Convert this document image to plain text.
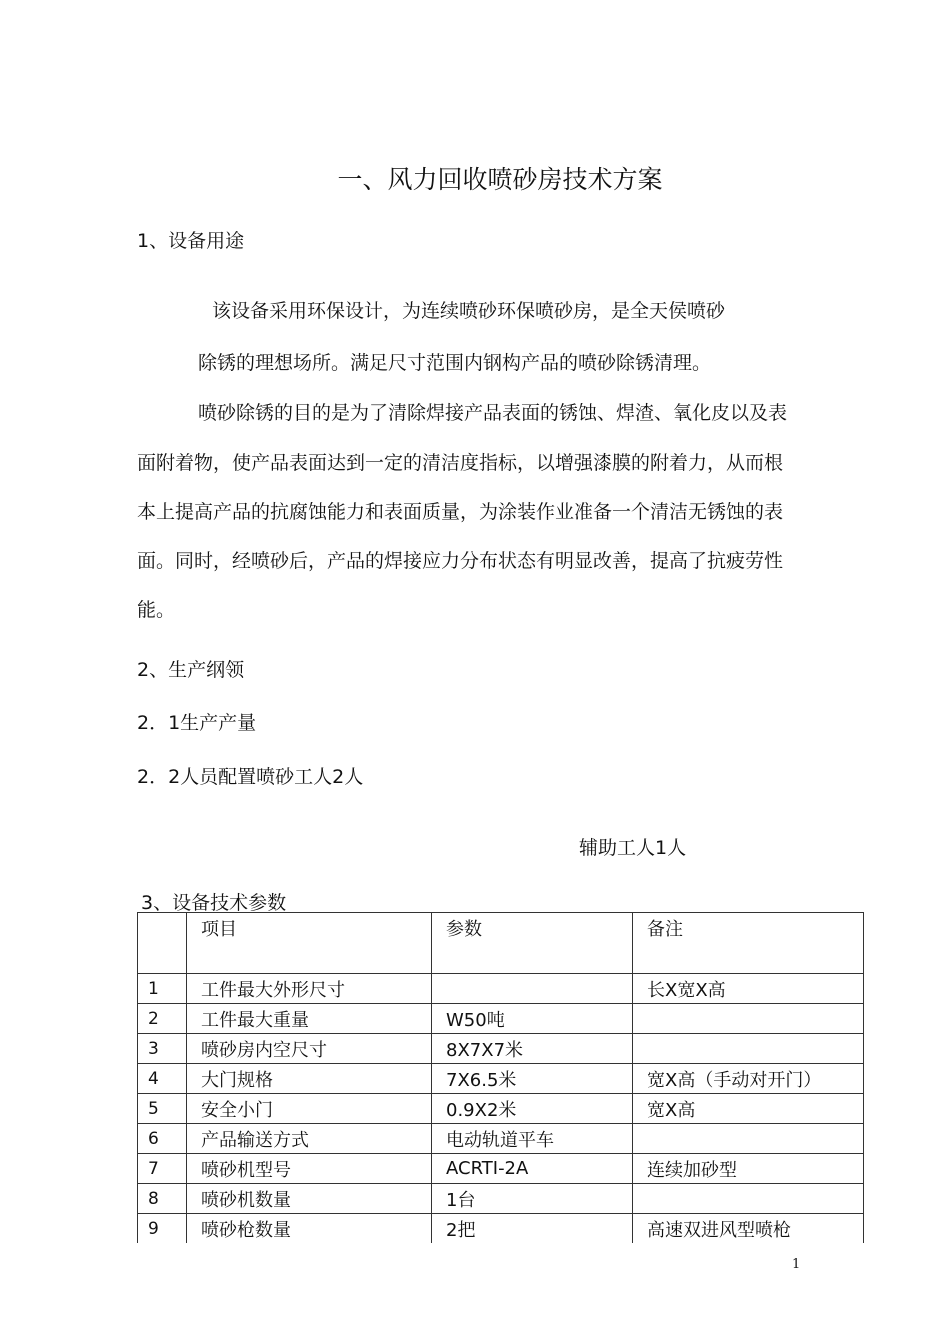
一、风力回收喷砂房技术方案
1、设备用途
该设备采用环保设计，为连续喷砂环保喷砂房，是全天侯喷砂
除锈的理想场所。满足尺寸范围内钢构产品的喷砂除锈清理。
喷砂除锈的目的是为了清除焊接产品表面的锈蚀、焊渣、氧化皮以及表
面附着物，使产品表面达到一定的清洁度指标，以增强漆膜的附着力，从而根
本上提高产品的抗腐蚀能力和表面质量，为涂装作业准备一个清洁无锈蚀的表
面。同时，经喷砂后，产品的焊接应力分布状态有明显改善，提高了抗疲劳性
能。
2、生产纲领
2．1生产产量
2．2人员配置喷砂工人2人
辅助工人1人
3、设备技术参数
	项目	参数	备注
1	工件最大外形尺寸		长X宽X高
2	工件最大重量	W50吨	
3	喷砂房内空尺寸	8X7X7米	
4	大门规格	7X6.5米	宽X高（手动对开门）
5	安全小门	0.9X2米	宽X高
6	产品输送方式	电动轨道平车	
7	喷砂机型号	ACRTI-2A	连续加砂型
8	喷砂机数量	1台	
9	喷砂枪数量	2把	高速双进风型喷枪
1
